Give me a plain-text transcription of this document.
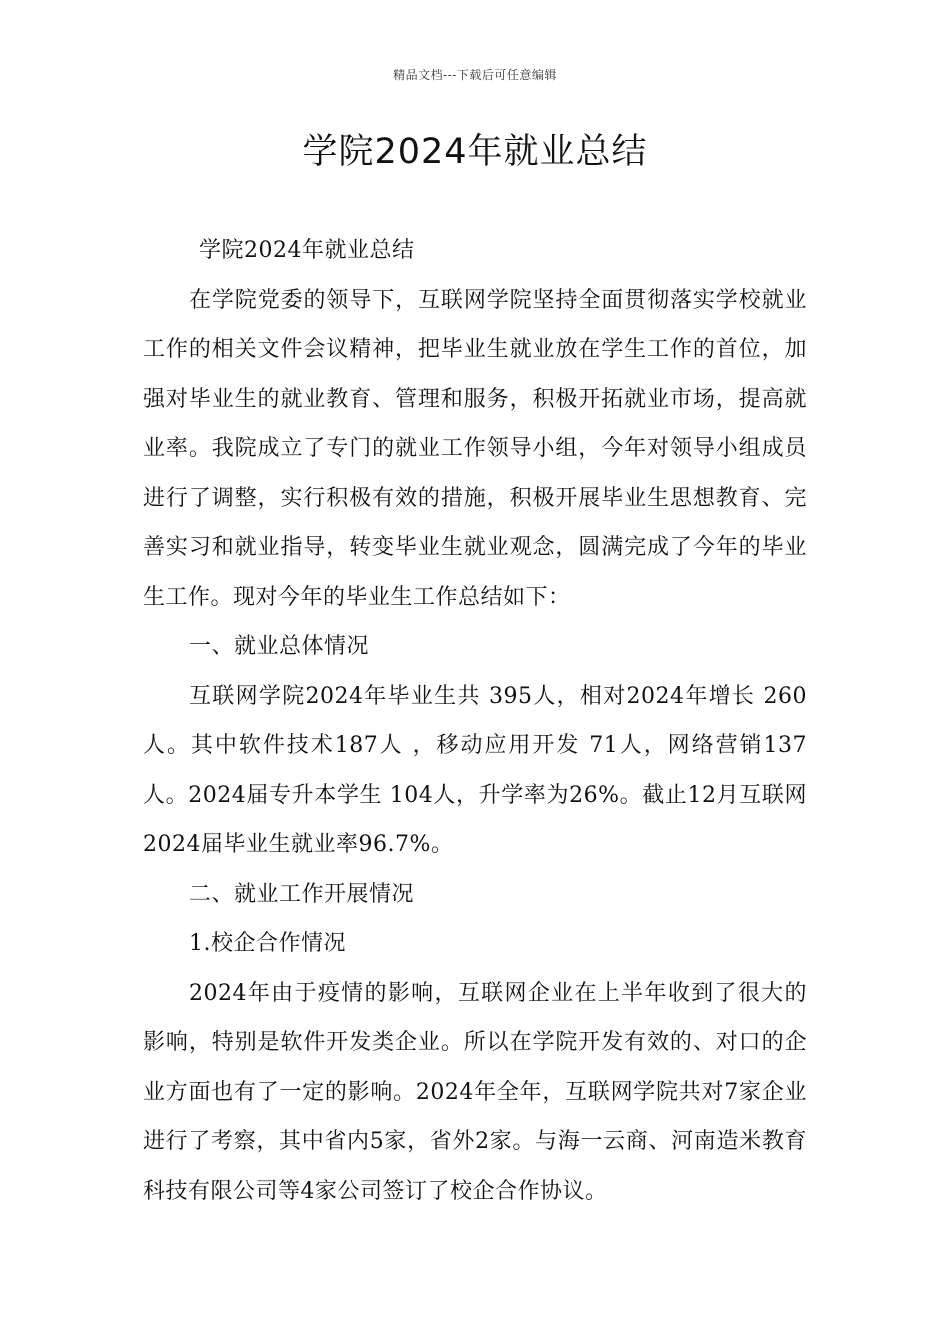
精品文档---下载后可任意编辑
学院2024年就业总结

学院2024年就业总结

在学院党委的领导下，互联网学院坚持全面贯彻落实学校就业工作的相关文件会议精神，把毕业生就业放在学生工作的首位，加强对毕业生的就业教育、管理和服务，积极开拓就业市场，提高就业率。我院成立了专门的就业工作领导小组，今年对领导小组成员进行了调整，实行积极有效的措施，积极开展毕业生思想教育、完善实习和就业指导，转变毕业生就业观念，圆满完成了今年的毕业生工作。现对今年的毕业生工作总结如下：

一、就业总体情况

互联网学院2024年毕业生共 395人，相对2024年增长 260人。其中软件技术187人 ，移动应用开发 71人，网络营销137人。2024届专升本学生 104人，升学率为26%。截止12月互联网 2024届毕业生就业率96.7%。

二、就业工作开展情况

1.校企合作情况

2024年由于疫情的影响，互联网企业在上半年收到了很大的影响，特别是软件开发类企业。所以在学院开发有效的、对口的企业方面也有了一定的影响。2024年全年，互联网学院共对7家企业进行了考察，其中省内5家，省外2家。与海一云商、河南造米教育科技有限公司等4家公司签订了校企合作协议。
